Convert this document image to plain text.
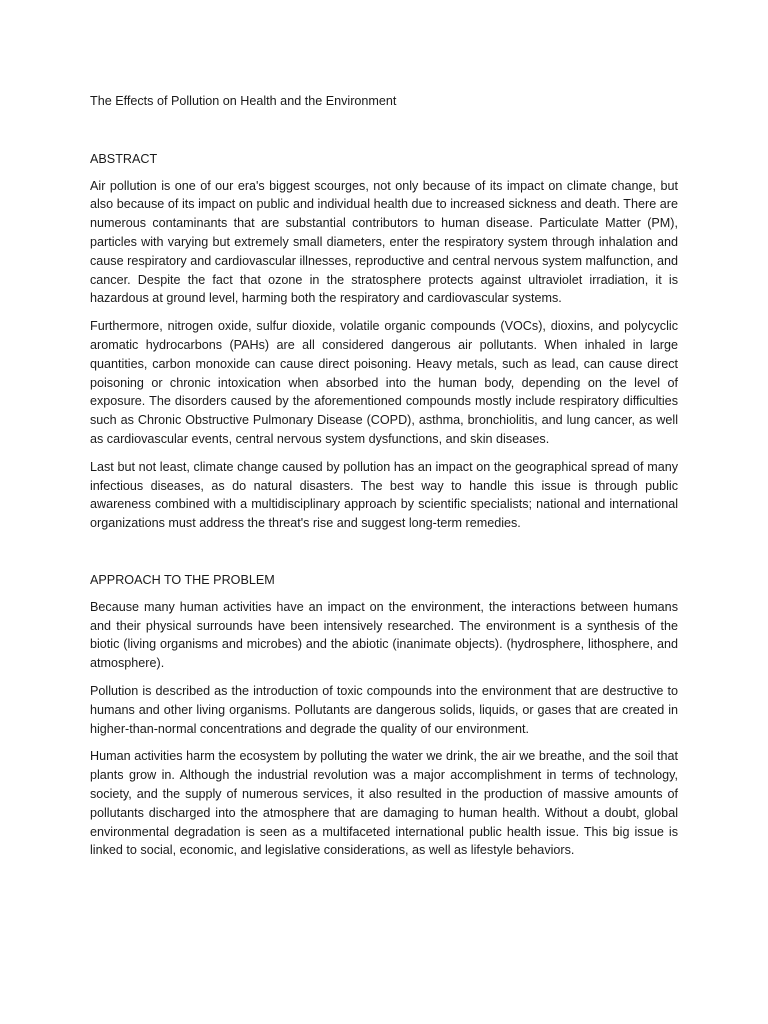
The Effects of Pollution on Health and the Environment
ABSTRACT

Air pollution is one of our era's biggest scourges, not only because of its impact on climate change, but also because of its impact on public and individual health due to increased sickness and death. There are numerous contaminants that are substantial contributors to human disease. Particulate Matter (PM), particles with varying but extremely small diameters, enter the respiratory system through inhalation and cause respiratory and cardiovascular illnesses, reproductive and central nervous system malfunction, and cancer. Despite the fact that ozone in the stratosphere protects against ultraviolet irradiation, it is hazardous at ground level, harming both the respiratory and cardiovascular systems.

Furthermore, nitrogen oxide, sulfur dioxide, volatile organic compounds (VOCs), dioxins, and polycyclic aromatic hydrocarbons (PAHs) are all considered dangerous air pollutants. When inhaled in large quantities, carbon monoxide can cause direct poisoning. Heavy metals, such as lead, can cause direct poisoning or chronic intoxication when absorbed into the human body, depending on the level of exposure. The disorders caused by the aforementioned compounds mostly include respiratory difficulties such as Chronic Obstructive Pulmonary Disease (COPD), asthma, bronchiolitis, and lung cancer, as well as cardiovascular events, central nervous system dysfunctions, and skin diseases.

Last but not least, climate change caused by pollution has an impact on the geographical spread of many infectious diseases, as do natural disasters. The best way to handle this issue is through public awareness combined with a multidisciplinary approach by scientific specialists; national and international organizations must address the threat's rise and suggest long-term remedies.

APPROACH TO THE PROBLEM

Because many human activities have an impact on the environment, the interactions between humans and their physical surrounds have been intensively researched. The environment is a synthesis of the biotic (living organisms and microbes) and the abiotic (inanimate objects). (hydrosphere, lithosphere, and atmosphere).

Pollution is described as the introduction of toxic compounds into the environment that are destructive to humans and other living organisms. Pollutants are dangerous solids, liquids, or gases that are created in higher-than-normal concentrations and degrade the quality of our environment.

Human activities harm the ecosystem by polluting the water we drink, the air we breathe, and the soil that plants grow in. Although the industrial revolution was a major accomplishment in terms of technology, society, and the supply of numerous services, it also resulted in the production of massive amounts of pollutants discharged into the atmosphere that are damaging to human health. Without a doubt, global environmental degradation is seen as a multifaceted international public health issue. This big issue is linked to social, economic, and legislative considerations, as well as lifestyle behaviors.
